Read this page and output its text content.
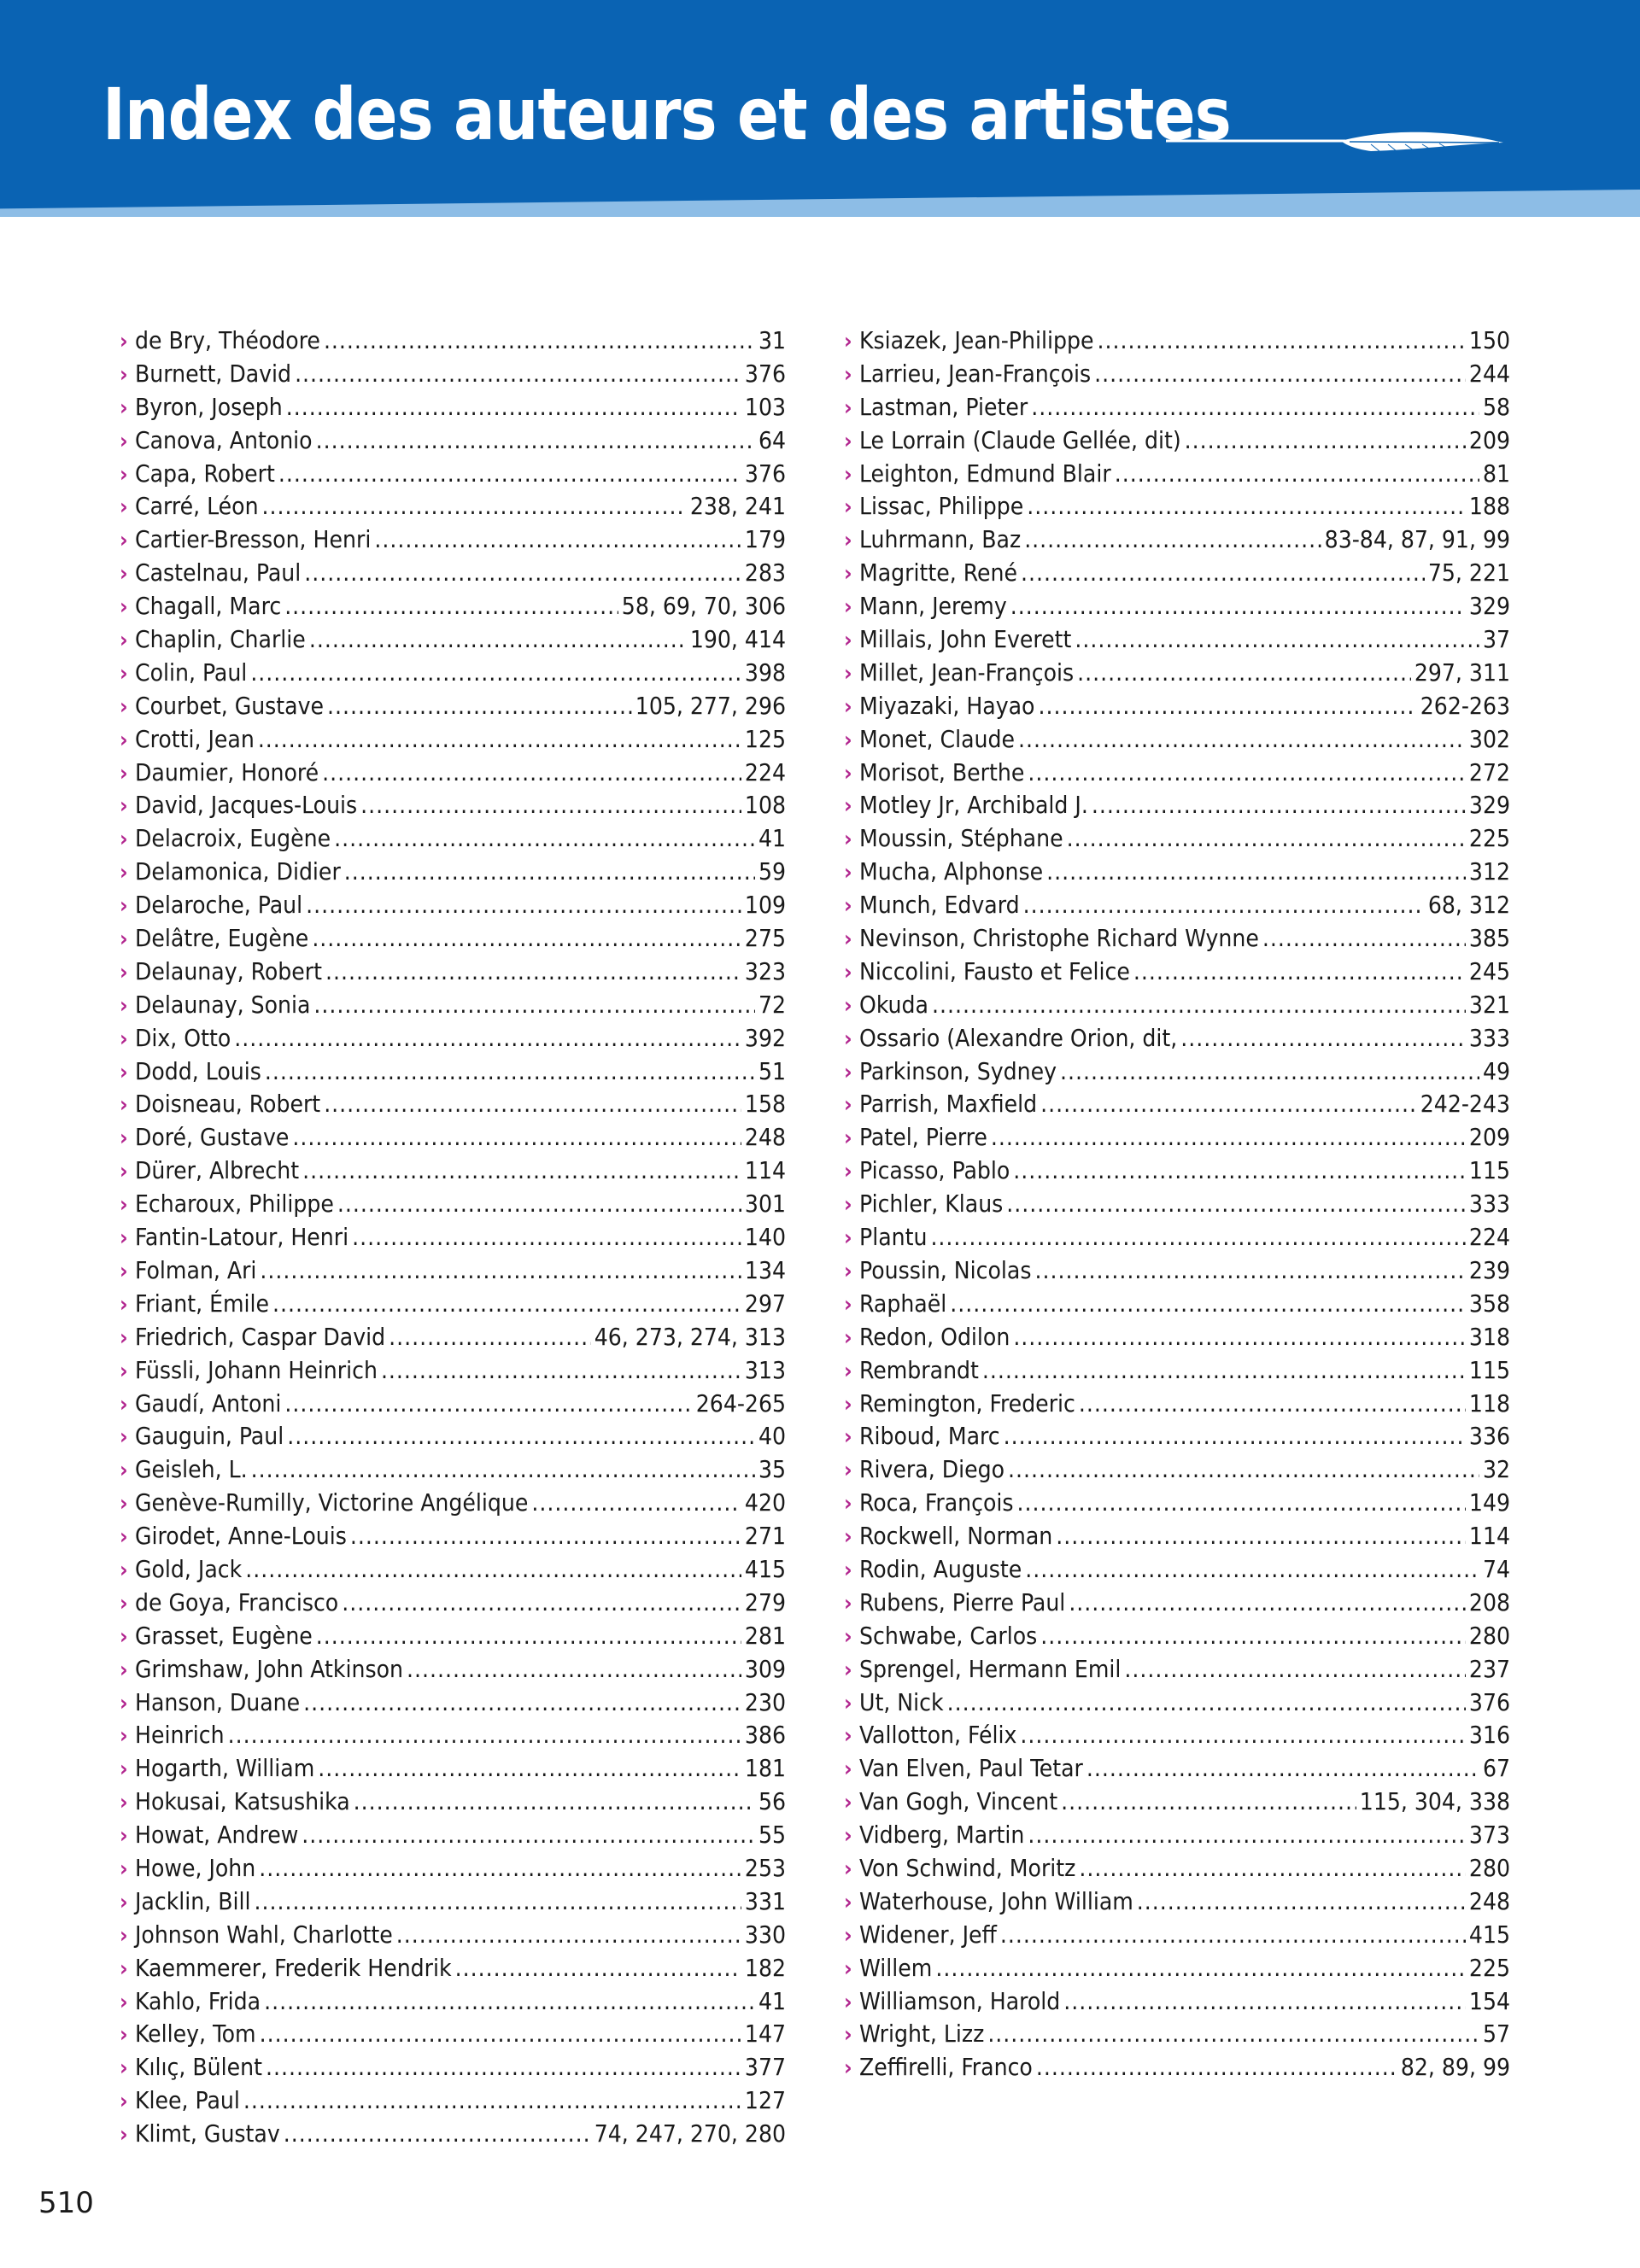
Index des auteurs et des artistes
› de Bry, Théodore .....	31
› Burnett, David .....	376
› Byron, Joseph .....	103
› Canova, Antonio .....	64
› Capa, Robert .....	376
› Carré, Léon .....	238, 241
› Cartier-Bresson, Henri .....	179
› Castelnau, Paul .....	283
› Chagall, Marc .....	58, 69, 70, 306
› Chaplin, Charlie .....	190, 414
› Colin, Paul .....	398
› Courbet, Gustave .....	105, 277, 296
› Crotti, Jean .....	125
› Daumier, Honoré .....	224
› David, Jacques-Louis .....	108
› Delacroix, Eugène .....	41
› Delamonica, Didier .....	59
› Delaroche, Paul .....	109
› Delâtre, Eugène .....	275
› Delaunay, Robert .....	323
› Delaunay, Sonia .....	72
› Dix, Otto .....	392
› Dodd, Louis .....	51
› Doisneau, Robert .....	158
› Doré, Gustave .....	248
› Dürer, Albrecht .....	114
› Echaroux, Philippe .....	301
› Fantin-Latour, Henri .....	140
› Folman, Ari .....	134
› Friant, Émile .....	297
› Friedrich, Caspar David .....	46, 273, 274, 313
› Füssli, Johann Heinrich .....	313
› Gaudí, Antoni .....	264-265
› Gauguin, Paul .....	40
› Geisleh, L. .....	35
› Genève-Rumilly, Victorine Angélique .....	420
› Girodet, Anne-Louis .....	271
› Gold, Jack .....	415
› de Goya, Francisco .....	279
› Grasset, Eugène .....	281
› Grimshaw, John Atkinson .....	309
› Hanson, Duane .....	230
› Heinrich .....	386
› Hogarth, William .....	181
› Hokusai, Katsushika .....	56
› Howat, Andrew .....	55
› Howe, John .....	253
› Jacklin, Bill .....	331
› Johnson Wahl, Charlotte .....	330
› Kaemmerer, Frederik Hendrik .....	182
› Kahlo, Frida .....	41
› Kelley, Tom .....	147
› Kılıç, Bülent .....	377
› Klee, Paul .....	127
› Klimt, Gustav .....	74, 247, 270, 280
› Ksiazek, Jean-Philippe .....	150
› Larrieu, Jean-François .....	244
› Lastman, Pieter .....	58
› Le Lorrain (Claude Gellée, dit) .....	209
› Leighton, Edmund Blair .....	81
› Lissac, Philippe .....	188
› Luhrmann, Baz .....	83-84, 87, 91, 99
› Magritte, René .....	75, 221
› Mann, Jeremy .....	329
› Millais, John Everett .....	37
› Millet, Jean-François .....	297, 311
› Miyazaki, Hayao .....	262-263
› Monet, Claude .....	302
› Morisot, Berthe .....	272
› Motley Jr, Archibald J. .....	329
› Moussin, Stéphane .....	225
› Mucha, Alphonse .....	312
› Munch, Edvard .....	68, 312
› Nevinson, Christophe Richard Wynne .....	385
› Niccolini, Fausto et Felice .....	245
› Okuda .....	321
› Ossario (Alexandre Orion, dit, .....	333
› Parkinson, Sydney .....	49
› Parrish, Maxfield .....	242-243
› Patel, Pierre .....	209
› Picasso, Pablo .....	115
› Pichler, Klaus .....	333
› Plantu .....	224
› Poussin, Nicolas .....	239
› Raphaël .....	358
› Redon, Odilon .....	318
› Rembrandt .....	115
› Remington, Frederic .....	118
› Riboud, Marc .....	336
› Rivera, Diego .....	32
› Roca, François .....	149
› Rockwell, Norman .....	114
› Rodin, Auguste .....	74
› Rubens, Pierre Paul .....	208
› Schwabe, Carlos .....	280
› Sprengel, Hermann Emil .....	237
› Ut, Nick .....	376
› Vallotton, Félix .....	316
› Van Elven, Paul Tetar .....	67
› Van Gogh, Vincent .....	115, 304, 338
› Vidberg, Martin .....	373
› Von Schwind, Moritz .....	280
› Waterhouse, John William .....	248
› Widener, Jeff .....	415
› Willem .....	225
› Williamson, Harold .....	154
› Wright, Lizz .....	57
› Zeffirelli, Franco .....	82, 89, 99
510
